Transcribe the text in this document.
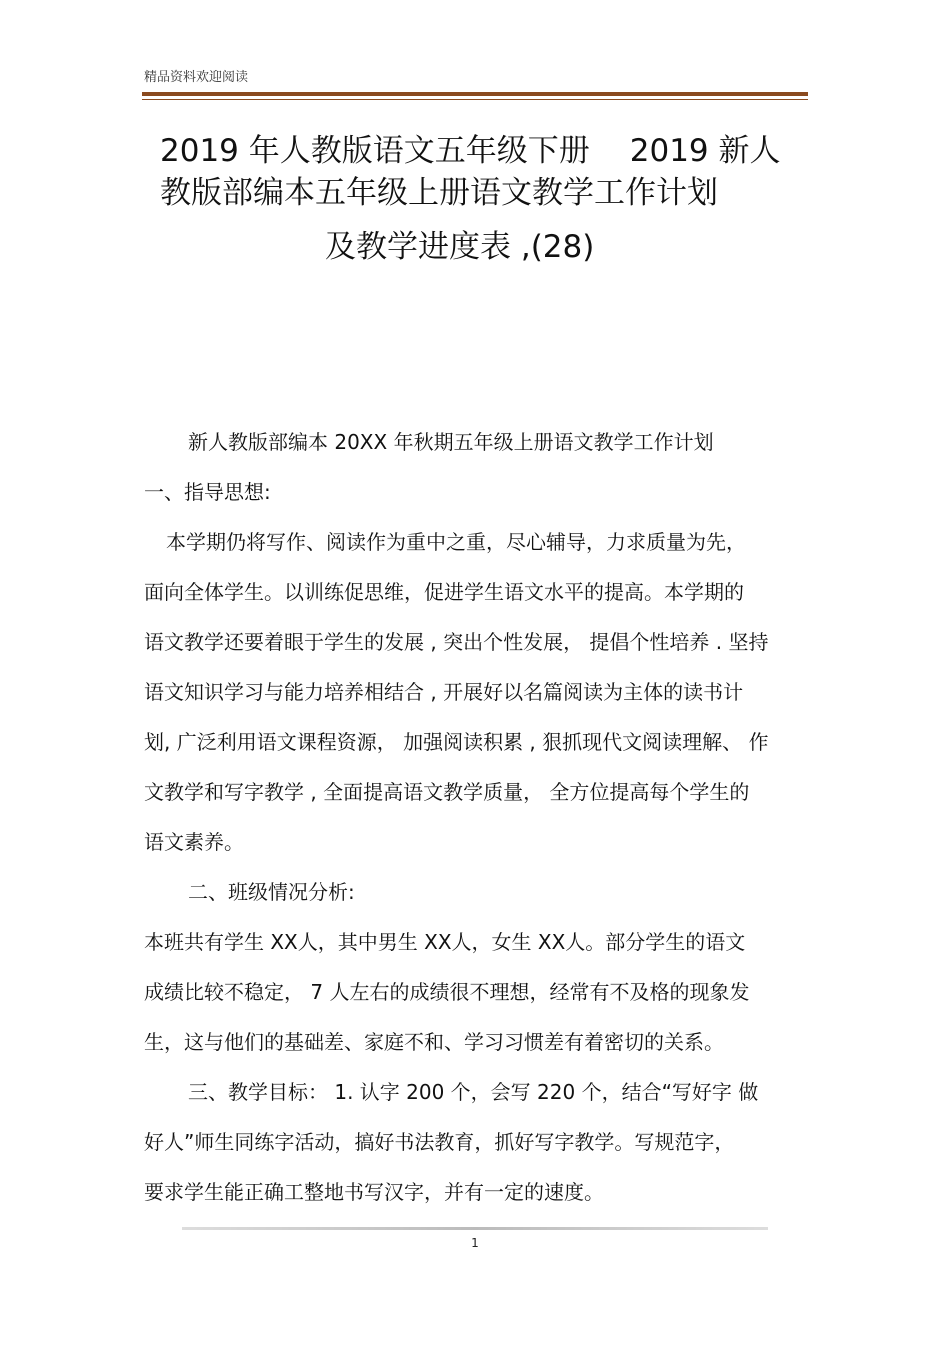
精品资料欢迎阅读
2019 年人教版语文五年级下册 2019 新人
教版部编本五年级上册语文教学工作计划
及教学进度表 ,(28)
新人教版部编本 20XX 年秋期五年级上册语文教学工作计划
一、指导思想:
本学期仍将写作、阅读作为重中之重，尽心辅导，力求质量为先，
面向全体学生。以训练促思维，促进学生语文水平的提高。本学期的
语文教学还要着眼于学生的发展 , 突出个性发展， 提倡个性培养 . 坚持
语文知识学习与能力培养相结合 , 开展好以名篇阅读为主体的读书计
划, 广泛利用语文课程资源， 加强阅读积累 , 狠抓现代文阅读理解、 作
文教学和写字教学 , 全面提高语文教学质量， 全方位提高每个学生的
语文素养。
二、班级情况分析:
本班共有学生 XX人，其中男生 XX人，女生 XX人。部分学生的语文
成绩比较不稳定， 7 人左右的成绩很不理想，经常有不及格的现象发
生，这与他们的基础差、家庭不和、学习习惯差有着密切的关系。
三、教学目标： 1. 认字 200 个，会写 220 个，结合“写好字 做
好人”师生同练字活动，搞好书法教育，抓好写字教学。写规范字，
要求学生能正确工整地书写汉字，并有一定的速度。
1
